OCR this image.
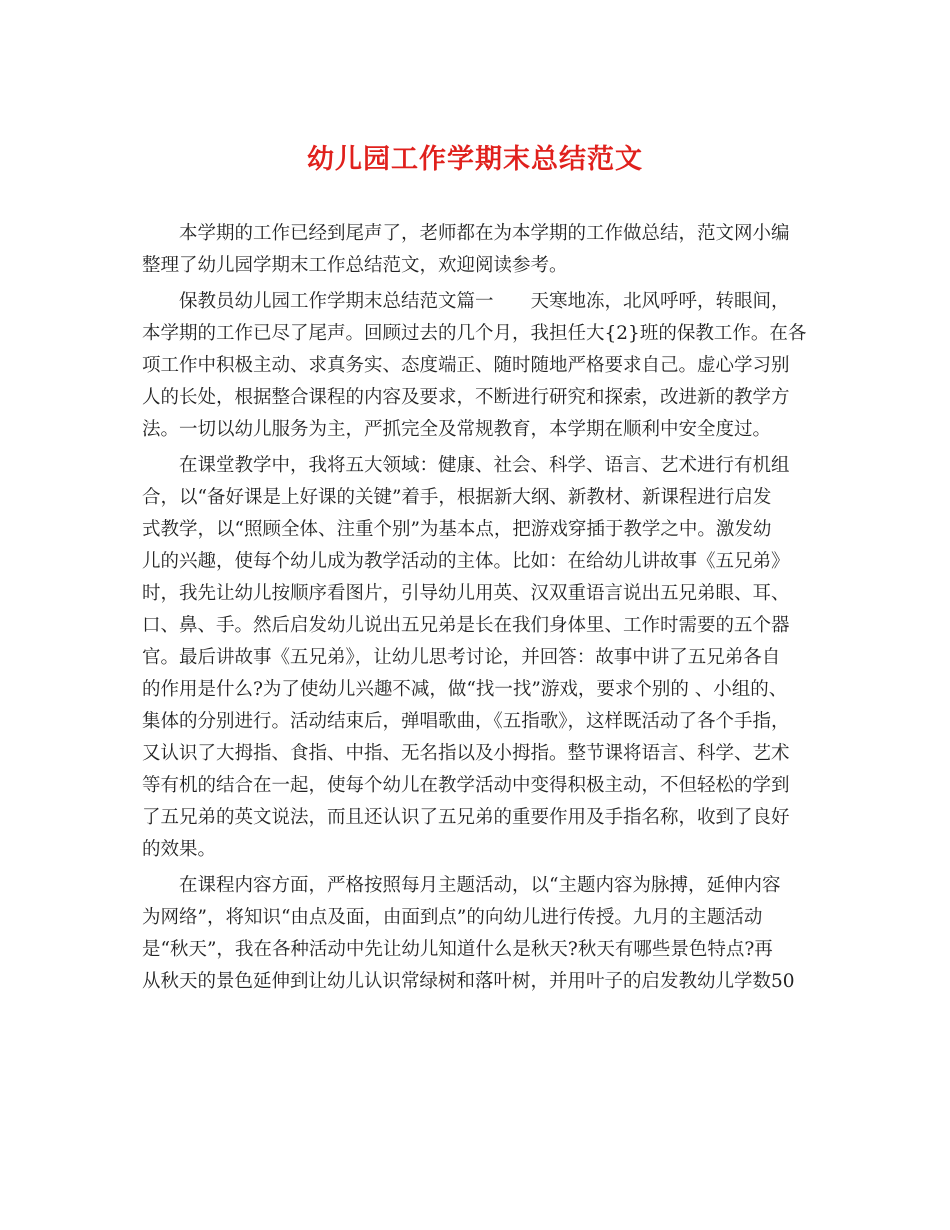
幼儿园工作学期末总结范文
本学期的工作已经到尾声了，老师都在为本学期的工作做总结，范文网小编
整理了幼儿园学期末工作总结范文，欢迎阅读参考。
保教员幼儿园工作学期末总结范文篇一　　天寒地冻，北风呼呼，转眼间，
本学期的工作已尽了尾声。回顾过去的几个月，我担任大{2}班的保教工作。在各
项工作中积极主动、求真务实、态度端正、随时随地严格要求自己。虚心学习别
人的长处，根据整合课程的内容及要求，不断进行研究和探索，改进新的教学方
法。一切以幼儿服务为主，严抓完全及常规教育，本学期在顺利中安全度过。
在课堂教学中，我将五大领域：健康、社会、科学、语言、艺术进行有机组
合，以“备好课是上好课的关键”着手，根据新大纲、新教材、新课程进行启发
式教学，以“照顾全体、注重个别”为基本点，把游戏穿插于教学之中。激发幼
儿的兴趣，使每个幼儿成为教学活动的主体。比如：在给幼儿讲故事《五兄弟》
时，我先让幼儿按顺序看图片，引导幼儿用英、汉双重语言说出五兄弟眼、耳、
口、鼻、手。然后启发幼儿说出五兄弟是长在我们身体里、工作时需要的五个器
官。最后讲故事《五兄弟》，让幼儿思考讨论，并回答：故事中讲了五兄弟各自
的作用是什么?为了使幼儿兴趣不减，做“找一找”游戏，要求个别的 、小组的、
集体的分别进行。活动结束后，弹唱歌曲，《五指歌》，这样既活动了各个手指，
又认识了大拇指、食指、中指、无名指以及小拇指。整节课将语言、科学、艺术
等有机的结合在一起，使每个幼儿在教学活动中变得积极主动，不但轻松的学到
了五兄弟的英文说法，而且还认识了五兄弟的重要作用及手指名称，收到了良好
的效果。
在课程内容方面，严格按照每月主题活动，以“主题内容为脉搏，延伸内容
为网络”，将知识“由点及面，由面到点”的向幼儿进行传授。九月的主题活动
是“秋天”，我在各种活动中先让幼儿知道什么是秋天?秋天有哪些景色特点?再
从秋天的景色延伸到让幼儿认识常绿树和落叶树，并用叶子的启发教幼儿学数50
